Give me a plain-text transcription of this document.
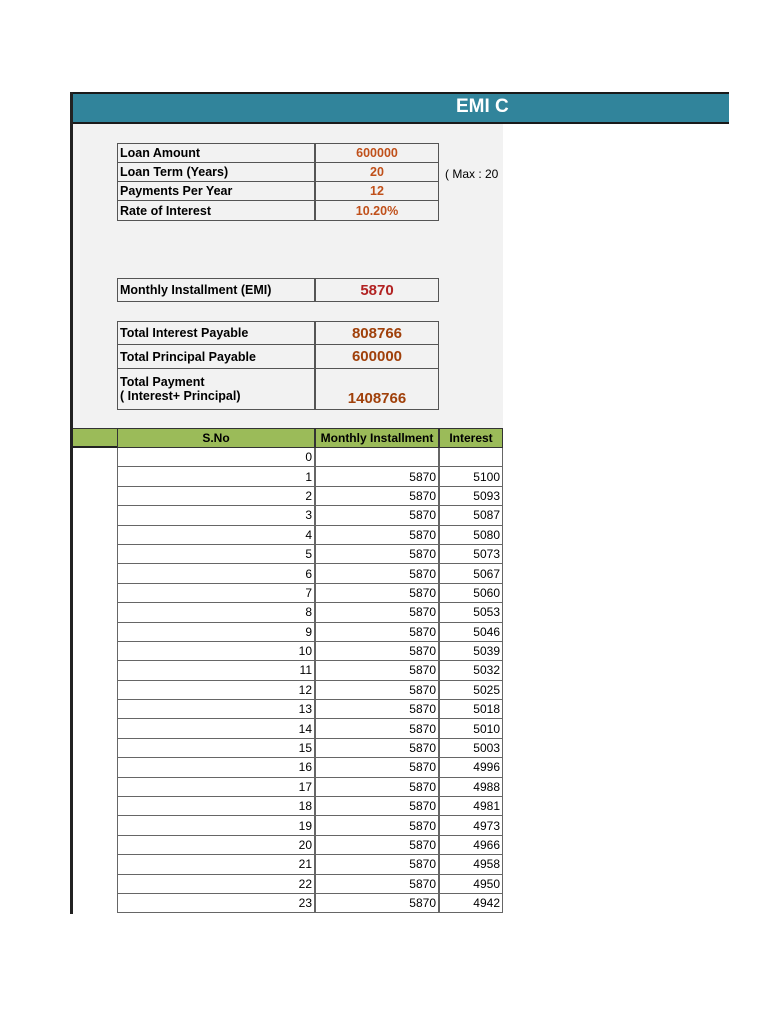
EMI C
Loan Amount	600000
Loan Term (Years)	20	( Max : 20
Payments Per Year	12
Rate of Interest	10.20%
Monthly Installment (EMI)	5870
Total Interest Payable	808766
Total Principal Payable	600000
Total Payment
( Interest+ Principal)	1408766
S.No	Monthly Installment	Interest
0
1	5870	5100
2	5870	5093
3	5870	5087
4	5870	5080
5	5870	5073
6	5870	5067
7	5870	5060
8	5870	5053
9	5870	5046
10	5870	5039
11	5870	5032
12	5870	5025
13	5870	5018
14	5870	5010
15	5870	5003
16	5870	4996
17	5870	4988
18	5870	4981
19	5870	4973
20	5870	4966
21	5870	4958
22	5870	4950
23	5870	4942
